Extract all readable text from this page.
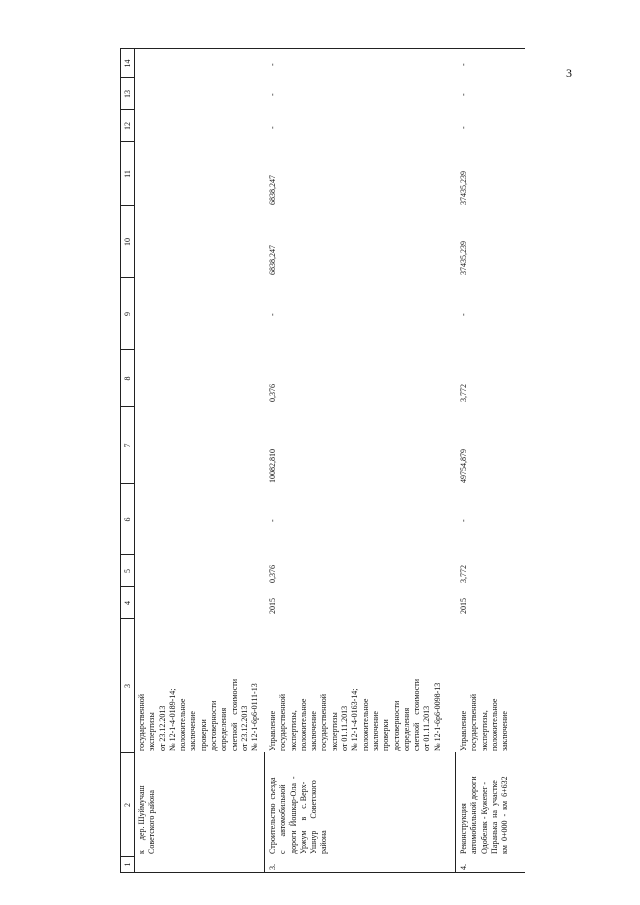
3
1
2
3
4
5
6
7
8
9
10
11
12
13
14
к     дер. Шуймучаш
Советского района
государственной
экспертизы
от 23.12.2013
№ 12-1-4-0189-14;
положительное
заключение
проверки
достоверности
определения
сметной    стоимости
от 23.12.2013
№ 12-1-6р6-0111-13
3.
Строительство  съезда
с       автомобильной
дороги  Йошкар-Ола  -
Уржум     в    с. Верх-
Ушнур      Советского
района
Управление
государственной
экспертизы,
положительное
заключение
государственной
экспертизы
от 01.11.2013
№ 12-1-4-0163-14;
положительное
заключение
проверки
достоверности
определения
сметной    стоимости
от 01.11.2013
№ 12-1-6р6-0098-13
2015
0,376
-
10082,810
0,376
-
6838,247
6838,247
-
-
-
4.
Реконструкция
автомобильной дороги
Одобеляк - Кужener -
Паранька  на  участке
км  0+000  -  км  6+632
Управление
государственной
экспертизы,
положительное
заключение
2015
3,772
-
49754,879
3,772
-
37435,239
37435,239
-
-
-
